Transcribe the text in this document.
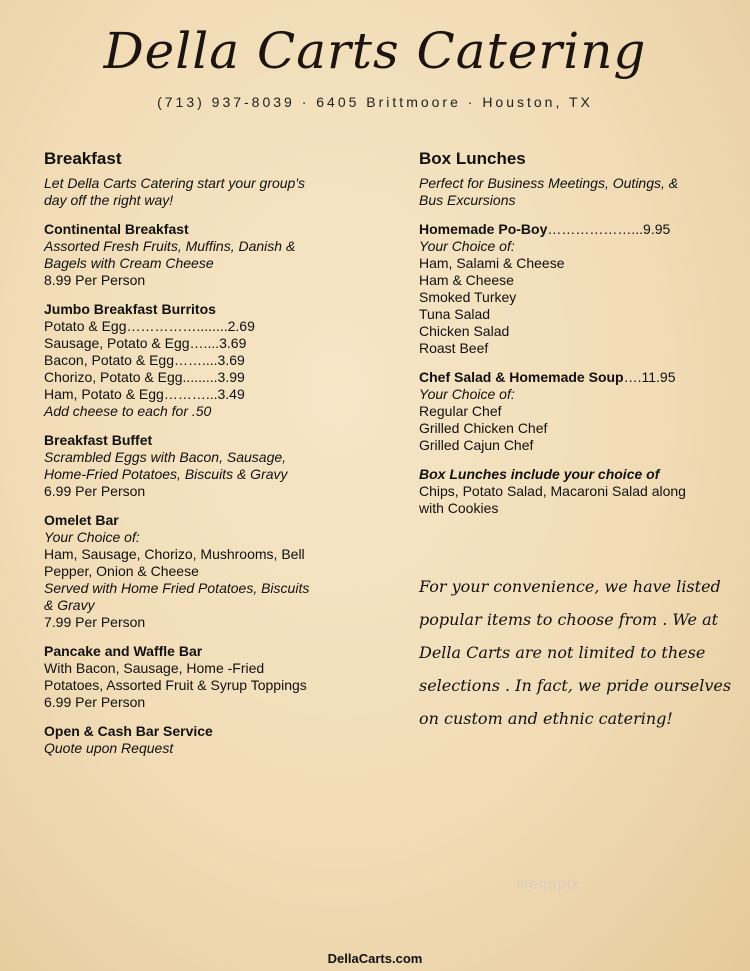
Della Carts Catering
(713) 937-8039 · 6405 Brittmoore · Houston, TX
Breakfast
Let Della Carts Catering start your group's
day off the right way!
Continental Breakfast
Assorted Fresh Fruits, Muffins, Danish &
Bagels with Cream Cheese
8.99 Per Person
Jumbo Breakfast Burritos
Potato & Egg……………........2.69
Sausage, Potato & Egg…....3.69
Bacon, Potato & Egg……....3.69
Chorizo, Potato & Egg.........3.99
Ham, Potato & Egg………...3.49
Add cheese to each for .50
Breakfast Buffet
Scrambled Eggs with Bacon, Sausage,
Home-Fried Potatoes, Biscuits & Gravy
6.99 Per Person
Omelet Bar
Your Choice of:
Ham, Sausage, Chorizo, Mushrooms, Bell
Pepper, Onion & Cheese
Served with Home Fried Potatoes, Biscuits
& Gravy
7.99 Per Person
Pancake and Waffle Bar
With Bacon, Sausage, Home -Fried
Potatoes, Assorted Fruit & Syrup Toppings
6.99 Per Person
Open & Cash Bar Service
Quote upon Request
Box Lunches
Perfect for Business Meetings, Outings, &
Bus Excursions
Homemade Po-Boy………………...9.95
Your Choice of:
Ham, Salami & Cheese
Ham & Cheese
Smoked Turkey
Tuna Salad
Chicken Salad
Roast Beef
Chef Salad & Homemade Soup….11.95
Your Choice of:
Regular Chef
Grilled Chicken Chef
Grilled Cajun Chef
Box Lunches include your choice of
Chips, Potato Salad, Macaroni Salad along
with Cookies
For your convenience, we have listed
popular items to choose from . We at
Della Carts are not limited to these
selections . In fact, we pride ourselves
on custom and ethnic catering!
menupix
DellaCarts.com
